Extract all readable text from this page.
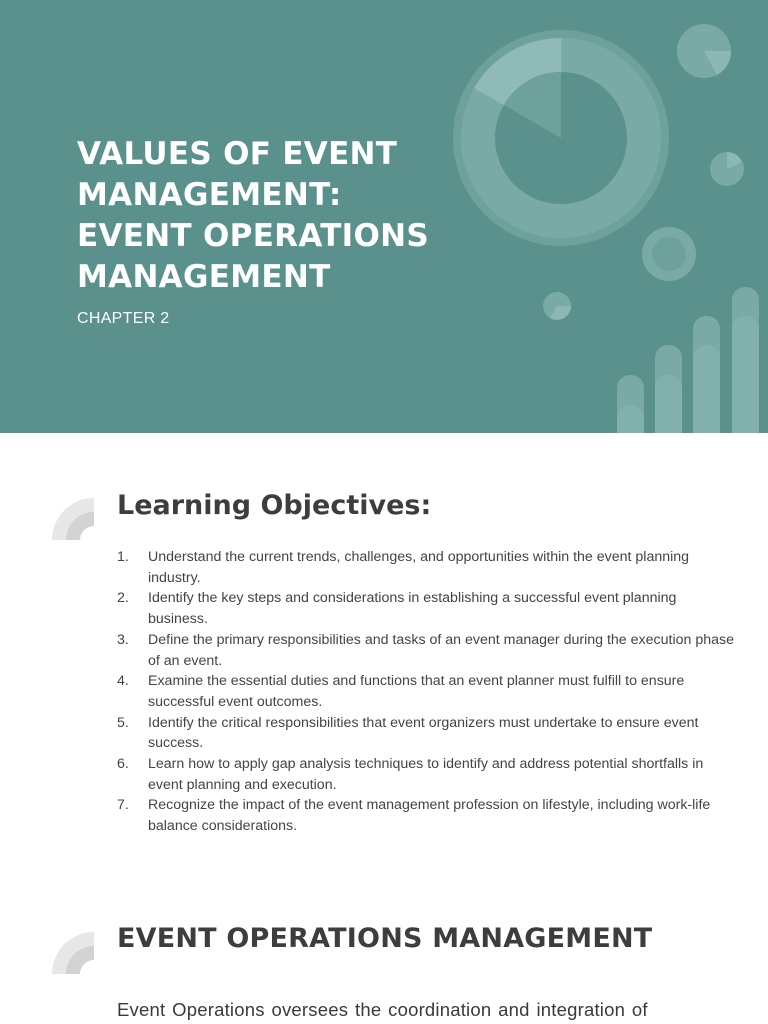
VALUES OF EVENT
MANAGEMENT:
EVENT OPERATIONS
MANAGEMENT
CHAPTER 2
Learning Objectives:
1. Understand the current trends, challenges, and opportunities within the event planning industry.
2. Identify the key steps and considerations in establishing a successful event planning business.
3. Define the primary responsibilities and tasks of an event manager during the execution phase of an event.
4. Examine the essential duties and functions that an event planner must fulfill to ensure successful event outcomes.
5. Identify the critical responsibilities that event organizers must undertake to ensure event success.
6. Learn how to apply gap analysis techniques to identify and address potential shortfalls in event planning and execution.
7. Recognize the impact of the event management profession on lifestyle, including work-life balance considerations.
EVENT OPERATIONS MANAGEMENT

Event Operations oversees the coordination and integration of
